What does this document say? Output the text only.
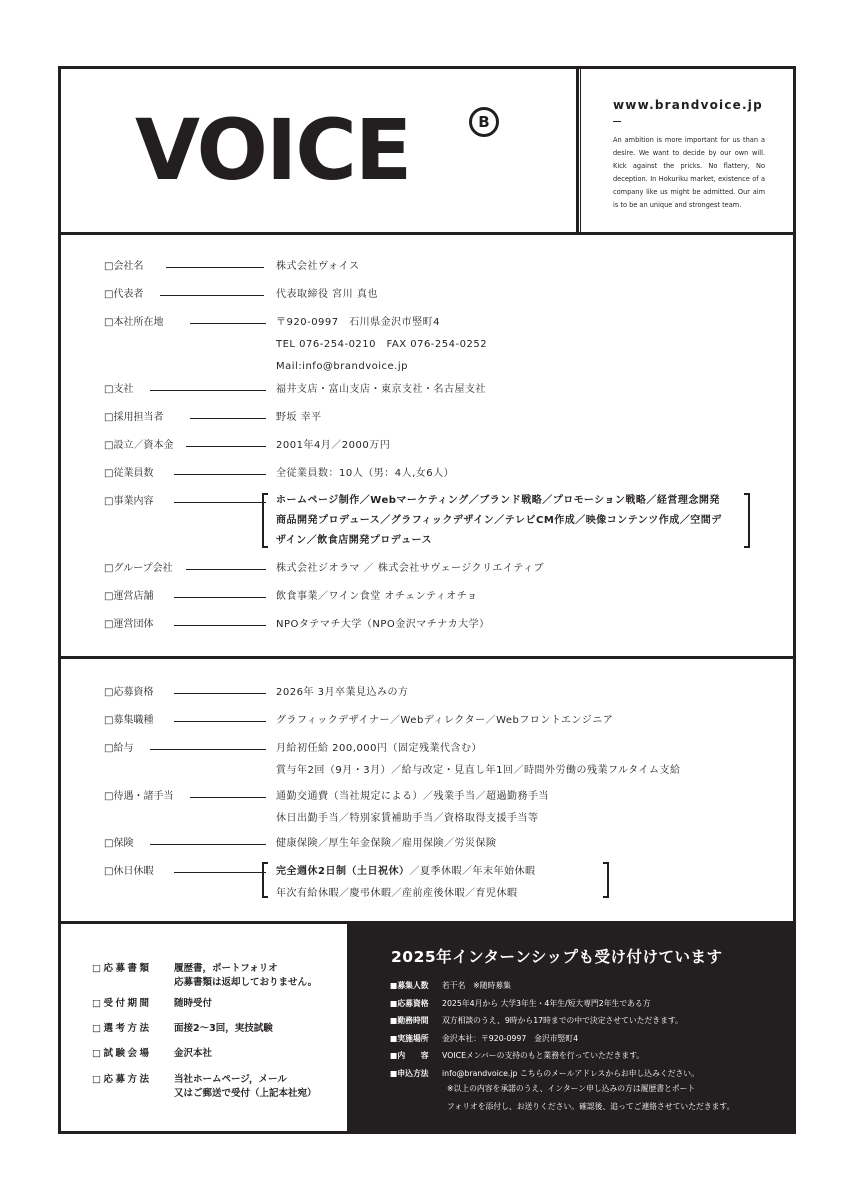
VOICE	B
www.brandvoice.jp
An ambition is more important for us than a desire. We want to decide by our own will. Kick against the pricks. No flattery, No deception. In Hokuriku market, existence of a company like us might be admitted. Our aim is to be an unique and strongest team.
□会社名	株式会社ヴォイス
□代表者	代表取締役 宮川 真也
□本社所在地	〒920-0997　石川県金沢市竪町4
TEL 076-254-0210　FAX 076-254-0252
Mail:info@brandvoice.jp
□支社	福井支店・富山支店・東京支社・名古屋支社
□採用担当者	野坂 幸平
□設立／資本金	2001年4月／2000万円
□従業員数	全従業員数：10人（男：4人,女6人）
□事業内容	ホームページ制作／Webマーケティング／ブランド戦略／プロモーション戦略／経営理念開発
商品開発プロデュース／グラフィックデザイン／テレビCM作成／映像コンテンツ作成／空間デ
ザイン／飲食店開発プロデュース
□グループ会社	株式会社ジオラマ ／ 株式会社サヴェージクリエイティブ
□運営店舗	飲食事業／ワイン食堂 オチェンティオチョ
□運営団体	NPOタテマチ大学（NPO金沢マチナカ大学）
□応募資格	2026年 3月卒業見込みの方
□募集職種	グラフィックデザイナー／Webディレクター／Webフロントエンジニア
□給与	月給初任給 200,000円（固定残業代含む）
賞与年2回（9月・3月）／給与改定・見直し年1回／時間外労働の残業フルタイム支給
□待遇・諸手当	通勤交通費（当社規定による）／残業手当／超過勤務手当
休日出勤手当／特別家賃補助手当／資格取得支援手当等
□保険	健康保険／厚生年金保険／雇用保険／労災保険
□休日休暇	完全週休2日制（土日祝休）／夏季休暇／年末年始休暇
年次有給休暇／慶弔休暇／産前産後休暇／育児休暇
□応募書類 履歴書，ポートフォリオ
応募書類は返却しておりません。
□受付期間 随時受付
□選考方法 面接2〜3回，実技試験
□試験会場 金沢本社
□応募方法 当社ホームページ，メール
又はご郵送で受付（上記本社宛）
2025年インターンシップも受け付けています
■募集人数 若干名　※随時募集
■応募資格 2025年4月から 大学3年生・4年生/短大専門2年生である方
■勤務時間 双方相談のうえ、9時から17時までの中で決定させていただきます。
■実施場所 金沢本社：〒920-0997　金沢市竪町4
■内　　容 VOICEメンバーの支持のもと業務を行っていただきます。
■申込方法 info@brandvoice.jp こちらのメールアドレスからお申し込みください。
※以上の内容を承諾のうえ、インターン申し込みの方は履歴書とポート
フォリオを添付し、お送りください。確認後、追ってご連絡させていただきます。
